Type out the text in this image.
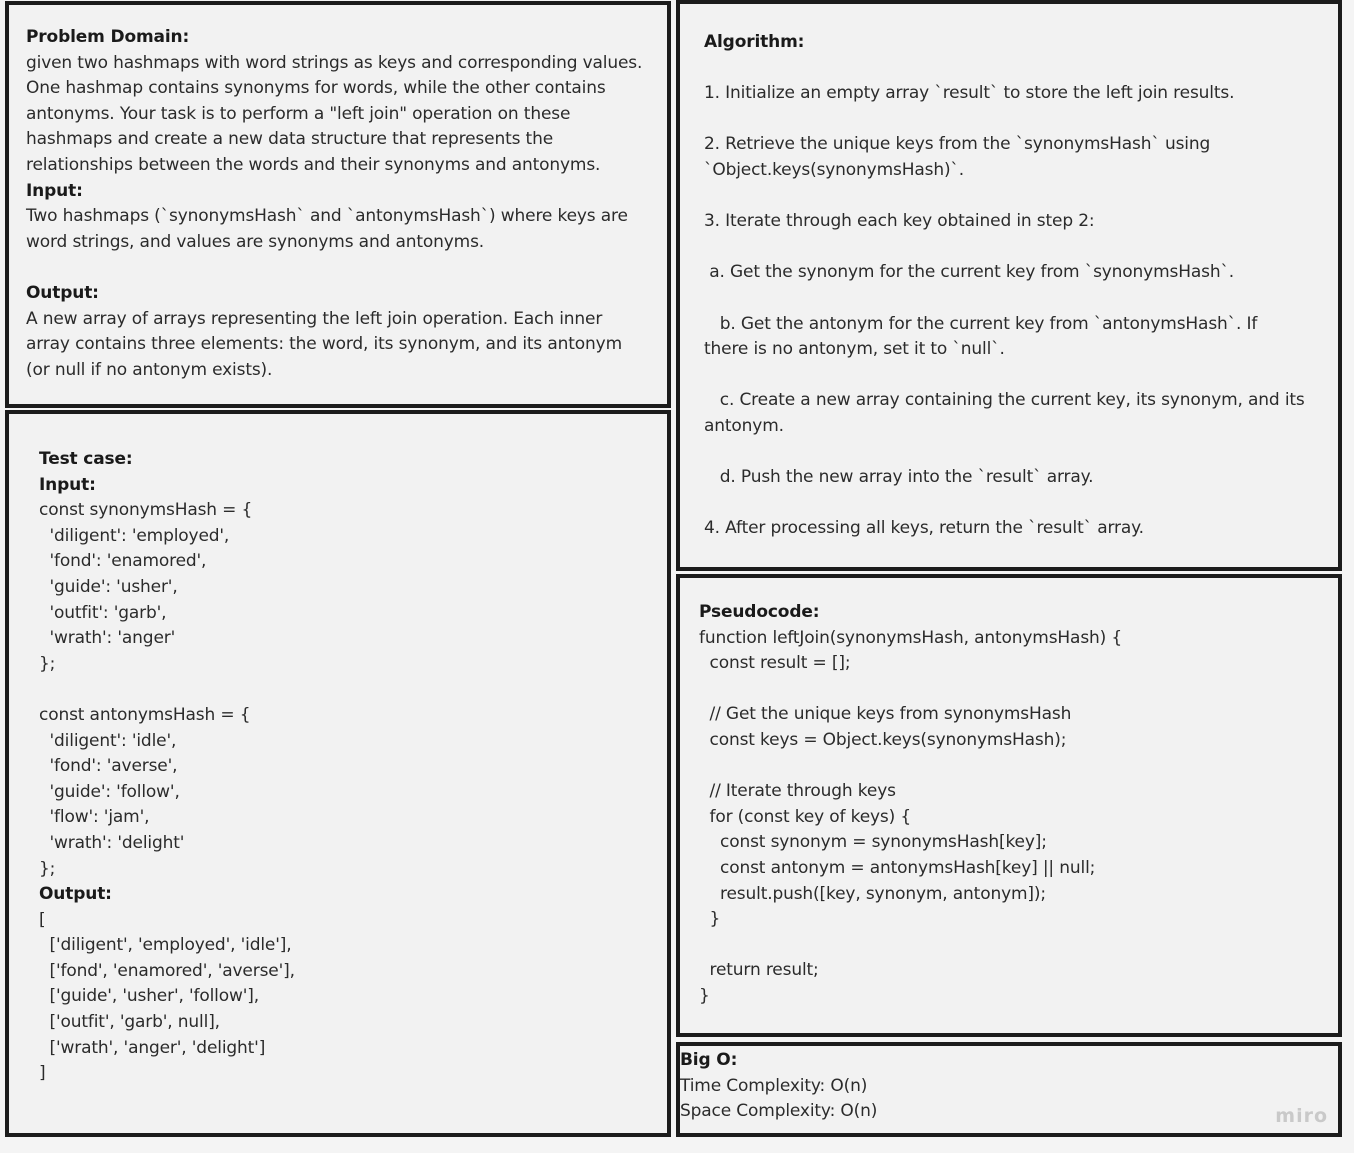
Problem Domain:
given two hashmaps with word strings as keys and corresponding values.
One hashmap contains synonyms for words, while the other contains
antonyms. Your task is to perform a "left join" operation on these
hashmaps and create a new data structure that represents the
relationships between the words and their synonyms and antonyms.
Input:
Two hashmaps (`synonymsHash` and `antonymsHash`) where keys are
word strings, and values are synonyms and antonyms.
Output:
A new array of arrays representing the left join operation. Each inner
array contains three elements: the word, its synonym, and its antonym
(or null if no antonym exists).
Test case:
Input:
const synonymsHash = {
'diligent': 'employed',
'fond': 'enamored',
'guide': 'usher',
'outfit': 'garb',
'wrath': 'anger'
};
const antonymsHash = {
'diligent': 'idle',
'fond': 'averse',
'guide': 'follow',
'flow': 'jam',
'wrath': 'delight'
};
Output:
[
['diligent', 'employed', 'idle'],
['fond', 'enamored', 'averse'],
['guide', 'usher', 'follow'],
['outfit', 'garb', null],
['wrath', 'anger', 'delight']
]
Algorithm:
1. Initialize an empty array `result` to store the left join results.
2. Retrieve the unique keys from the `synonymsHash` using
`Object.keys(synonymsHash)`.
3. Iterate through each key obtained in step 2:
a. Get the synonym for the current key from `synonymsHash`.
b. Get the antonym for the current key from `antonymsHash`. If
there is no antonym, set it to `null`.
c. Create a new array containing the current key, its synonym, and its
antonym.
d. Push the new array into the `result` array.
4. After processing all keys, return the `result` array.
Pseudocode:
function leftJoin(synonymsHash, antonymsHash) {
const result = [];
// Get the unique keys from synonymsHash
const keys = Object.keys(synonymsHash);
// Iterate through keys
for (const key of keys) {
const synonym = synonymsHash[key];
const antonym = antonymsHash[key] || null;
result.push([key, synonym, antonym]);
}
return result;
}
Big O:
Time Complexity: O(n)
Space Complexity: O(n)	miro
